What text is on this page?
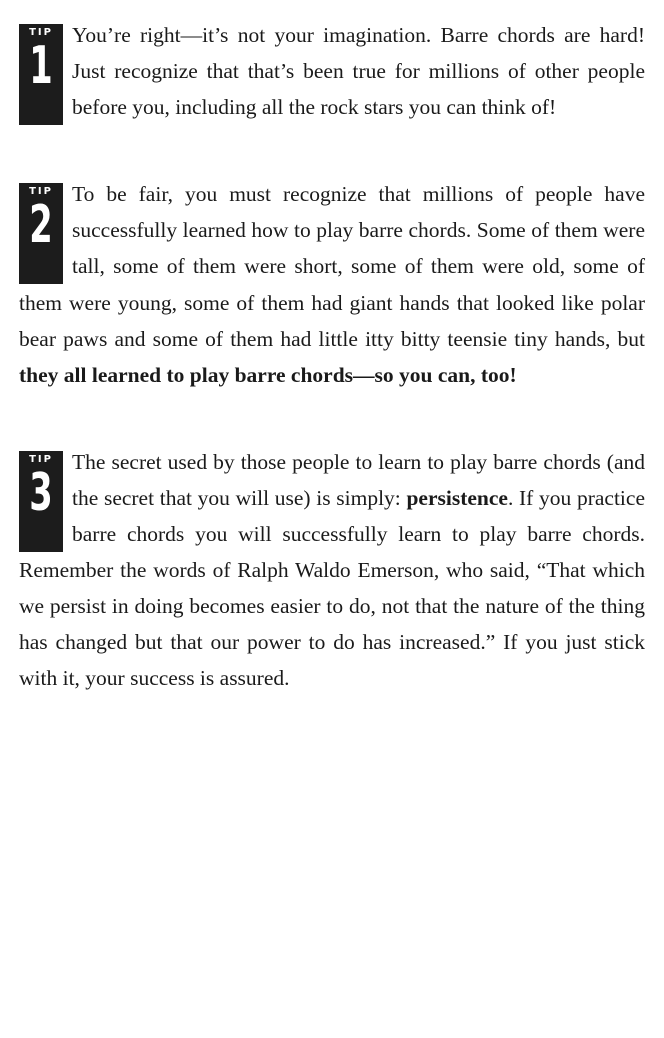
TIP
1
You’re right—it’s not your imagination. Barre chords are hard! Just recognize that that’s been true for millions of other people before you, including all the rock stars you can think of!

TIP
2
To be fair, you must recognize that millions of people have successfully learned how to play barre chords. Some of them were tall, some of them were short, some of them were old, some of them were young, some of them had giant hands that looked like polar bear paws and some of them had little itty bitty teensie tiny hands, but they all learned to play barre chords—so you can, too!

TIP
3
The secret used by those people to learn to play barre chords (and the secret that you will use) is simply: persistence. If you practice barre chords you will successfully learn to play barre chords. Remember the words of Ralph Waldo Emerson, who said, “That which we persist in doing becomes easier to do, not that the nature of the thing has changed but that our power to do has increased.” If you just stick with it, your success is assured.
